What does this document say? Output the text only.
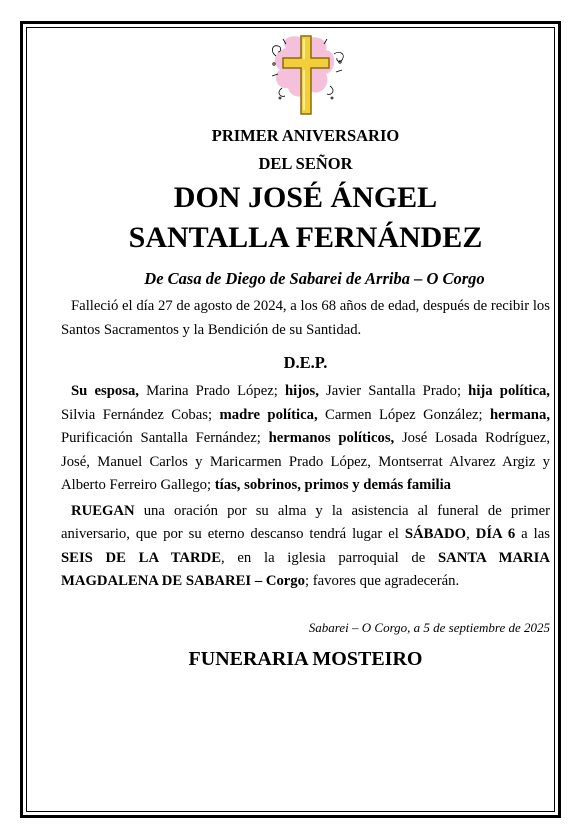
PRIMER ANIVERSARIO
DEL SEÑOR
DON JOSÉ ÁNGEL
SANTALLA FERNÁNDEZ
De Casa de Diego de Sabarei de Arriba – O Corgo

Falleció el día 27 de agosto de 2024, a los 68 años de edad, después de recibir los Santos Sacramentos y la Bendición de su Santidad.

D.E.P.

Su esposa, Marina Prado López; hijos, Javier Santalla Prado; hija política, Silvia Fernández Cobas; madre política, Carmen López González; hermana, Purificación Santalla Fernández; hermanos políticos, José Losada Rodríguez, José, Manuel Carlos y Maricarmen Prado López, Montserrat Alvarez Argiz y Alberto Ferreiro Gallego; tías, sobrinos, primos y demás familia

RUEGAN una oración por su alma y la asistencia al funeral de primer aniversario, que por su eterno descanso tendrá lugar el SÁBADO, DÍA 6 a las SEIS DE LA TARDE, en la iglesia parroquial de SANTA MARIA MAGDALENA DE SABAREI – Corgo; favores que agradecerán.

Sabarei – O Corgo, a 5 de septiembre de 2025
FUNERARIA MOSTEIRO
